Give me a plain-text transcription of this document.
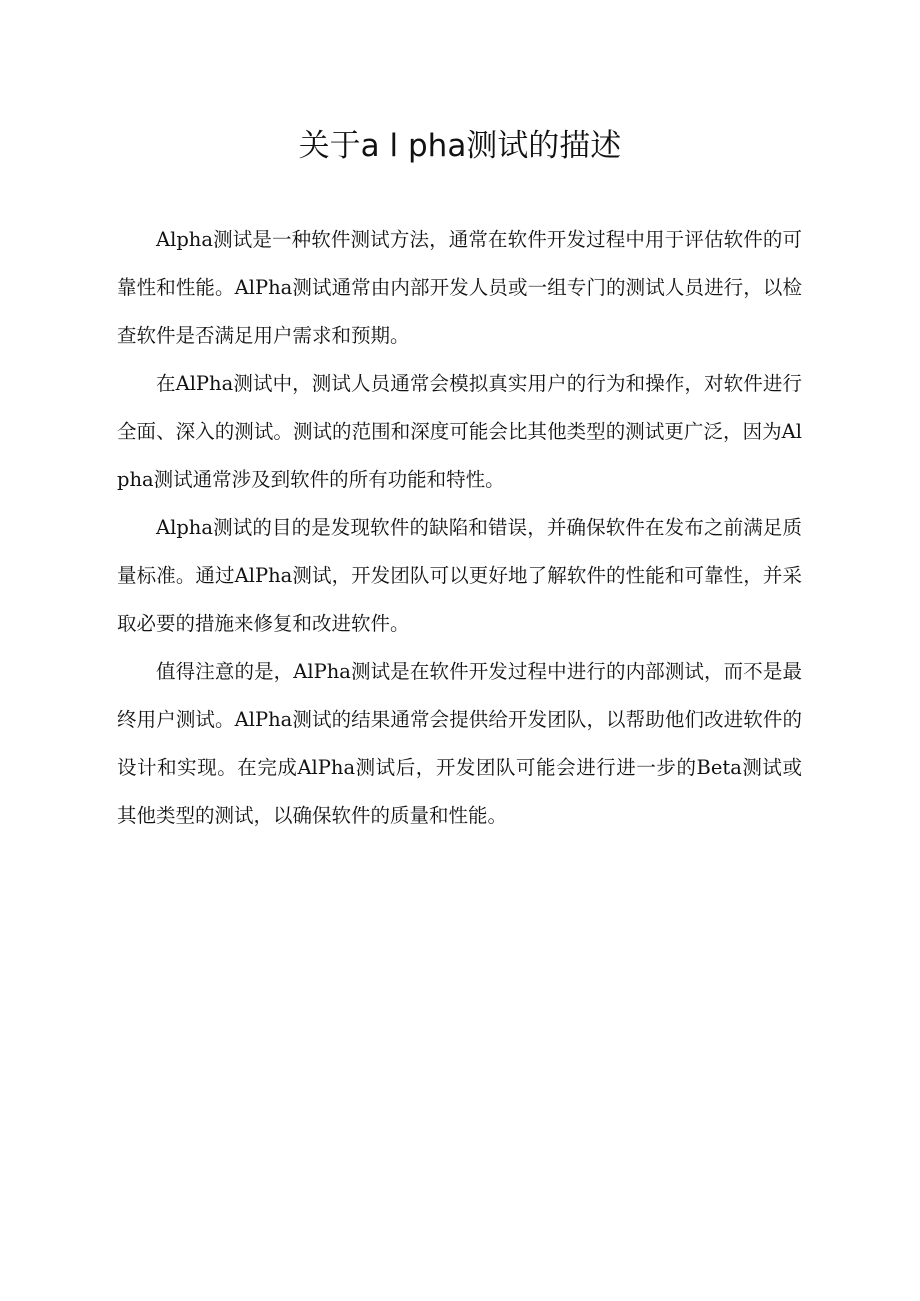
关于a l pha测试的描述

Alpha测试是一种软件测试方法，通常在软件开发过程中用于评估软件的可靠性和性能。AlPha测试通常由内部开发人员或一组专门的测试人员进行，以检查软件是否满足用户需求和预期。

在AlPha测试中，测试人员通常会模拟真实用户的行为和操作，对软件进行全面、深入的测试。测试的范围和深度可能会比其他类型的测试更广泛，因为Alpha测试通常涉及到软件的所有功能和特性。

Alpha测试的目的是发现软件的缺陷和错误，并确保软件在发布之前满足质量标准。通过AlPha测试，开发团队可以更好地了解软件的性能和可靠性，并采取必要的措施来修复和改进软件。

值得注意的是，AlPha测试是在软件开发过程中进行的内部测试，而不是最终用户测试。AlPha测试的结果通常会提供给开发团队，以帮助他们改进软件的设计和实现。在完成AlPha测试后，开发团队可能会进行进一步的Beta测试或其他类型的测试，以确保软件的质量和性能。
